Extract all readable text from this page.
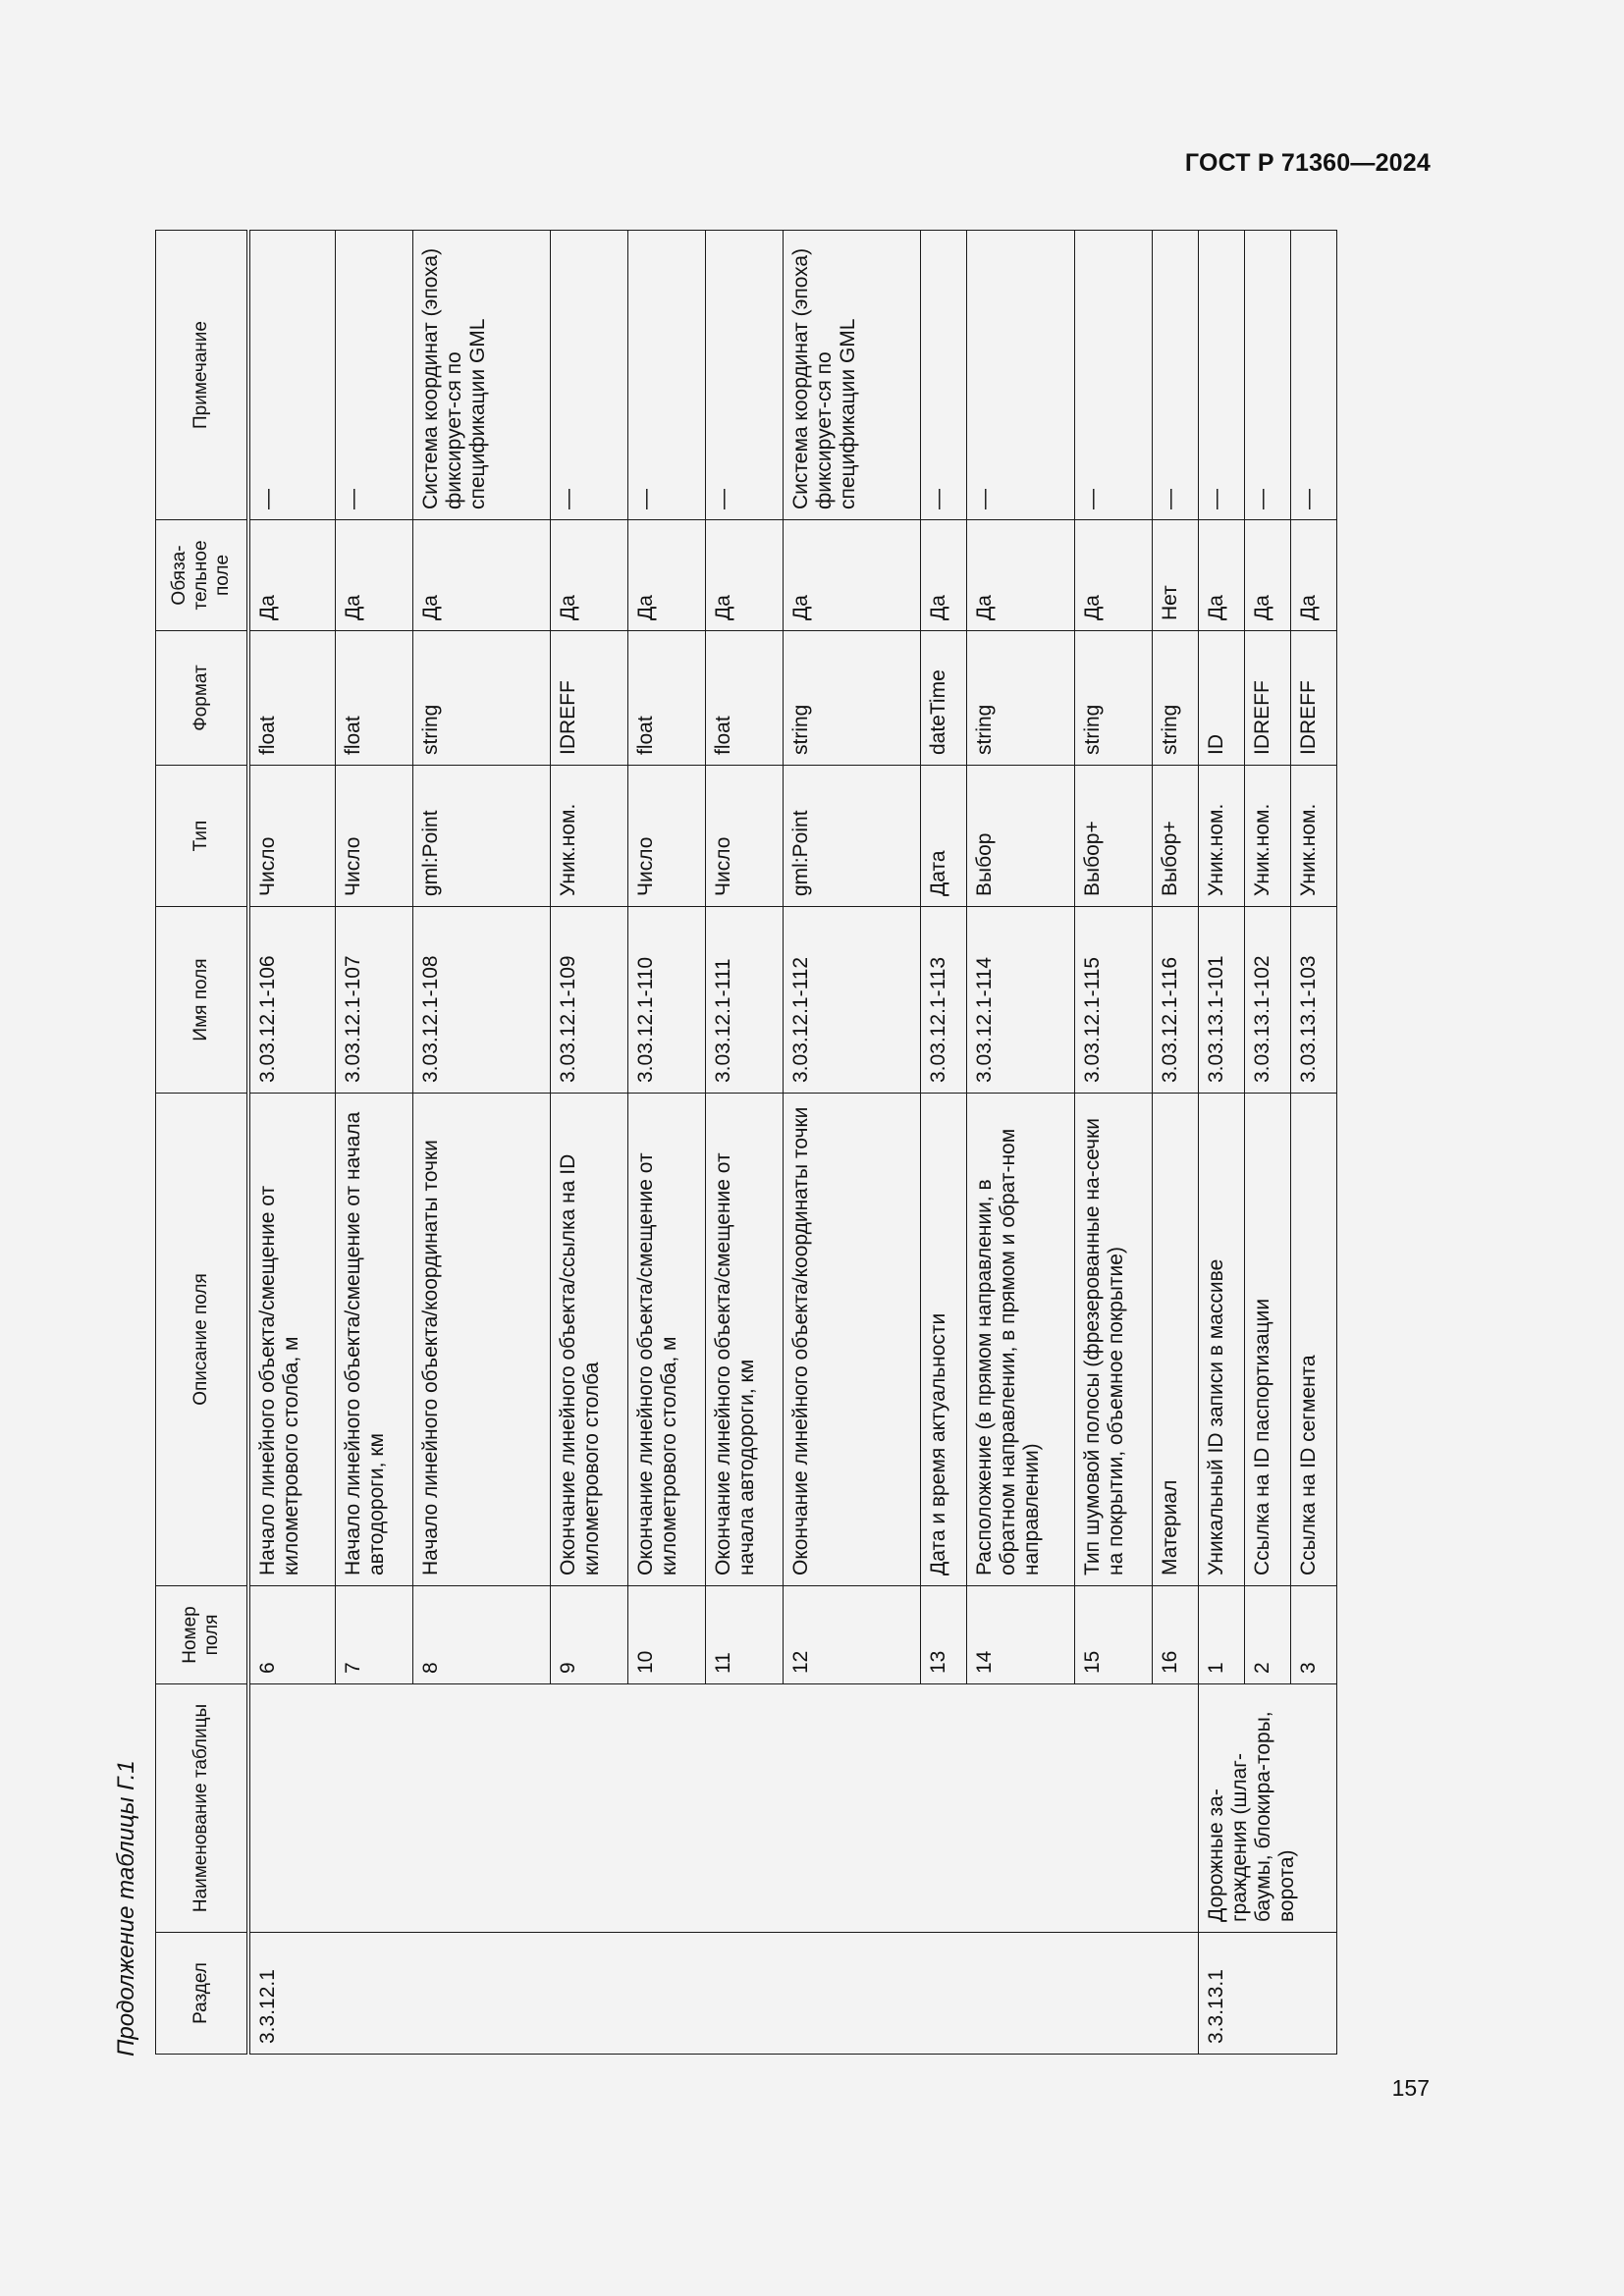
ГОСТ Р 71360—2024
Продолжение таблицы Г.1	Раздел	Наименование таблицы	Номер поля	Описание поля	Имя поля	Тип	Формат	Обяза-тельное поле	Примечание
3.3.12.1		6	Начало линейного объекта/смещение от километрового столба, м	3.03.12.1-106	Число	float	Да	—
		7	Начало линейного объекта/смещение от начала автодороги, км	3.03.12.1-107	Число	float	Да	—
		8	Начало линейного объекта/координаты точки	3.03.12.1-108	gml:Point	string	Да	Система координат (эпоха) фиксирует-ся по спецификации GML
		9	Окончание линейного объекта/ссылка на ID километрового столба	3.03.12.1-109	Уник.ном.	IDREFF	Да	—
		10	Окончание линейного объекта/смещение от километрового столба, м	3.03.12.1-110	Число	float	Да	—
		11	Окончание линейного объекта/смещение от начала автодороги, км	3.03.12.1-111	Число	float	Да	—
		12	Окончание линейного объекта/координаты точки	3.03.12.1-112	gml:Point	string	Да	Система координат (эпоха) фиксирует-ся по спецификации GML
		13	Дата и время актуальности	3.03.12.1-113	Дата	dateTime	Да	—
		14	Расположение (в прямом направлении, в обратном направлении, в прямом и обрат-ном направлении)	3.03.12.1-114	Выбор	string	Да	—
		15	Тип шумовой полосы (фрезерованные на-сечки на покрытии, объемное покрытие)	3.03.12.1-115	Выбор+	string	Да	—
		16	Материал	3.03.12.1-116	Выбор+	string	Нет	—
3.3.13.1	Дорожные за-граждения (шлаг-баумы, блокира-торы, ворота)	1	Уникальный ID записи в массиве	3.03.13.1-101	Уник.ном.	ID	Да	—
		2	Ссылка на ID паспортизации	3.03.13.1-102	Уник.ном.	IDREFF	Да	—
		3	Ссылка на ID сегмента	3.03.13.1-103	Уник.ном.	IDREFF	Да	—
157
